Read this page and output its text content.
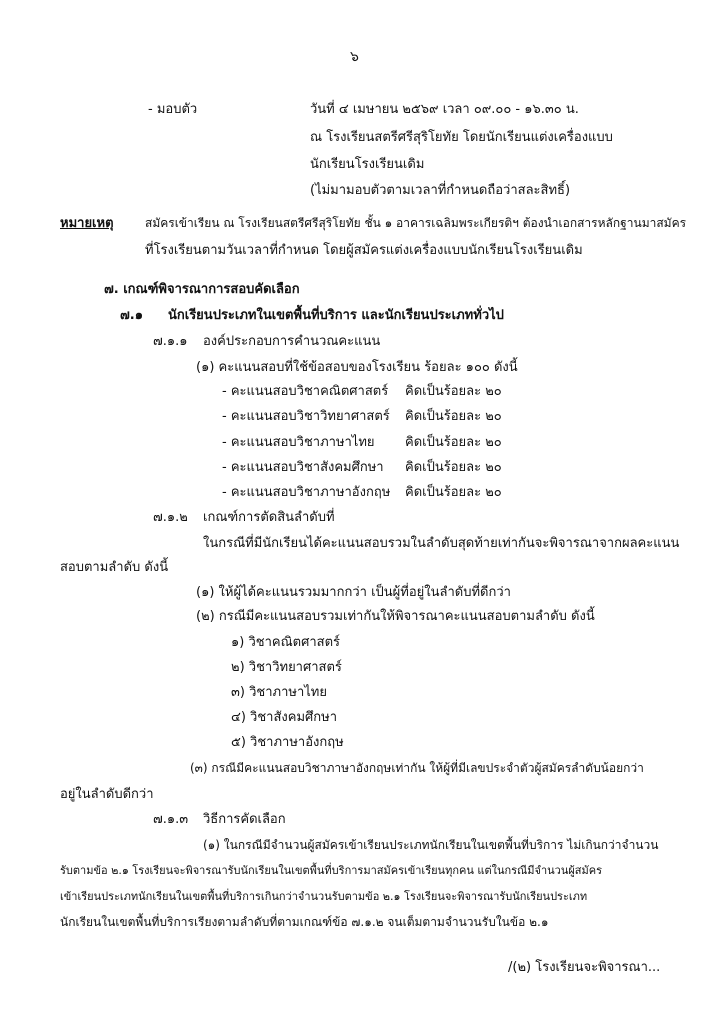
๖
- มอบตัว	วันที่ ๔ เมษายน ๒๕๖๙ เวลา ๐๙.๐๐ - ๑๖.๓๐ น.
ณ โรงเรียนสตรีศรีสุริโยทัย โดยนักเรียนแต่งเครื่องแบบ
นักเรียนโรงเรียนเดิม
(ไม่มามอบตัวตามเวลาที่กำหนดถือว่าสละสิทธิ์)
หมายเหตุ	สมัครเข้าเรียน ณ โรงเรียนสตรีศรีสุริโยทัย ชั้น ๑ อาคารเฉลิมพระเกียรติฯ ต้องนำเอกสารหลักฐานมาสมัคร
ที่โรงเรียนตามวันเวลาที่กำหนด โดยผู้สมัครแต่งเครื่องแบบนักเรียนโรงเรียนเดิม
๗. เกณฑ์พิจารณาการสอบคัดเลือก
๗.๑ นักเรียนประเภทในเขตพื้นที่บริการ และนักเรียนประเภททั่วไป
๗.๑.๑ องค์ประกอบการคำนวณคะแนน
(๑) คะแนนสอบที่ใช้ข้อสอบของโรงเรียน ร้อยละ ๑๐๐ ดังนี้
- คะแนนสอบวิชาคณิตศาสตร์ คิดเป็นร้อยละ ๒๐
- คะแนนสอบวิชาวิทยาศาสตร์ คิดเป็นร้อยละ ๒๐
- คะแนนสอบวิชาภาษาไทย คิดเป็นร้อยละ ๒๐
- คะแนนสอบวิชาสังคมศึกษา คิดเป็นร้อยละ ๒๐
- คะแนนสอบวิชาภาษาอังกฤษ คิดเป็นร้อยละ ๒๐
๗.๑.๒ เกณฑ์การตัดสินลำดับที่
ในกรณีที่มีนักเรียนได้คะแนนสอบรวมในลำดับสุดท้ายเท่ากันจะพิจารณาจากผลคะแนน
สอบตามลำดับ ดังนี้
(๑) ให้ผู้ได้คะแนนรวมมากกว่า เป็นผู้ที่อยู่ในลำดับที่ดีกว่า
(๒) กรณีมีคะแนนสอบรวมเท่ากันให้พิจารณาคะแนนสอบตามลำดับ ดังนี้
๑) วิชาคณิตศาสตร์
๒) วิชาวิทยาศาสตร์
๓) วิชาภาษาไทย
๔) วิชาสังคมศึกษา
๕) วิชาภาษาอังกฤษ
(๓) กรณีมีคะแนนสอบวิชาภาษาอังกฤษเท่ากัน ให้ผู้ที่มีเลขประจำตัวผู้สมัครลำดับน้อยกว่า
อยู่ในลำดับดีกว่า
๗.๑.๓ วิธีการคัดเลือก
(๑) ในกรณีมีจำนวนผู้สมัครเข้าเรียนประเภทนักเรียนในเขตพื้นที่บริการ ไม่เกินกว่าจำนวน
รับตามข้อ ๒.๑ โรงเรียนจะพิจารณารับนักเรียนในเขตพื้นที่บริการมาสมัครเข้าเรียนทุกคน แต่ในกรณีมีจำนวนผู้สมัคร
เข้าเรียนประเภทนักเรียนในเขตพื้นที่บริการเกินกว่าจำนวนรับตามข้อ ๒.๑ โรงเรียนจะพิจารณารับนักเรียนประเภท
นักเรียนในเขตพื้นที่บริการเรียงตามลำดับที่ตามเกณฑ์ข้อ ๗.๑.๒ จนเต็มตามจำนวนรับในข้อ ๒.๑
/(๒) โรงเรียนจะพิจารณา...
